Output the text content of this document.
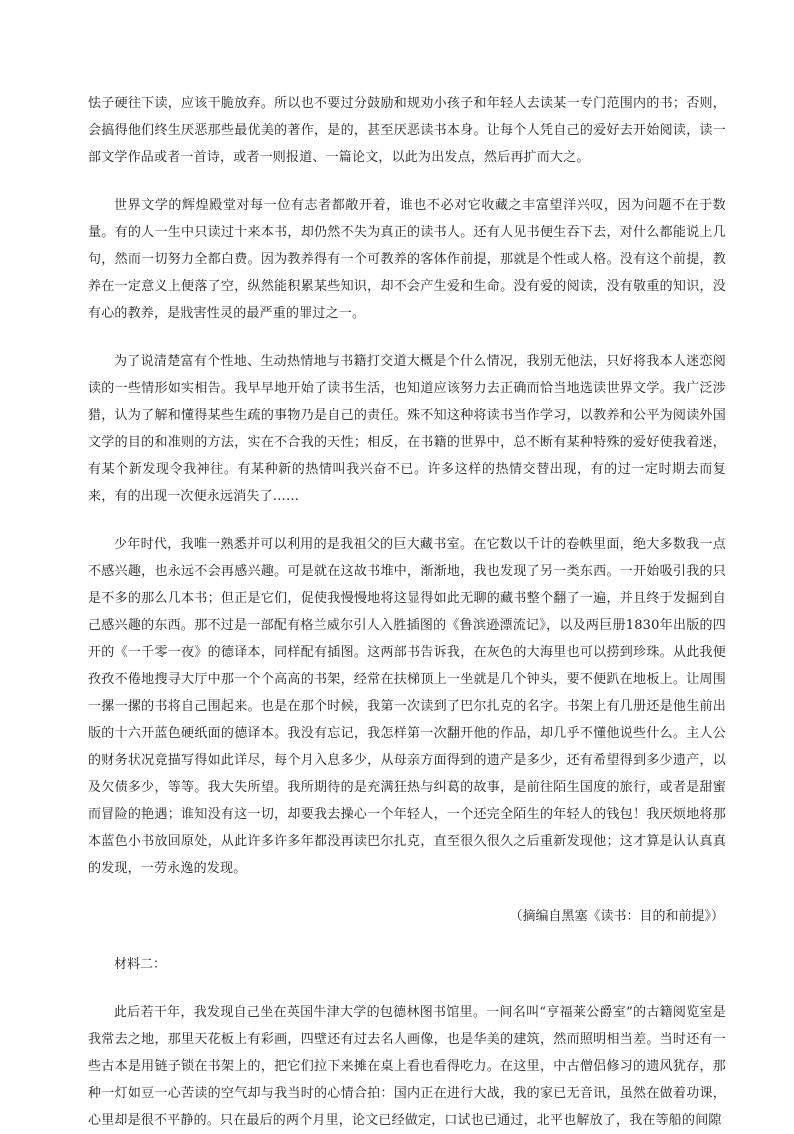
怯子硬往下读，应该干脆放弃。所以也不要过分鼓励和规劝小孩子和年轻人去读某一专门范围内的书；否则，会搞得他们终生厌恶那些最优美的著作，是的，甚至厌恶读书本身。让每个人凭自己的爱好去开始阅读，读一部文学作品或者一首诗，或者一则报道、一篇论文，以此为出发点，然后再扩而大之。

世界文学的辉煌殿堂对每一位有志者都敞开着，谁也不必对它收藏之丰富望洋兴叹，因为问题不在于数量。有的人一生中只读过十来本书，却仍然不失为真正的读书人。还有人见书便生吞下去，对什么都能说上几句，然而一切努力全都白费。因为教养得有一个可教养的客体作前提，那就是个性或人格。没有这个前提，教养在一定意义上便落了空，纵然能积累某些知识，却不会产生爱和生命。没有爱的阅读，没有敬重的知识，没有心的教养，是戕害性灵的最严重的罪过之一。

为了说清楚富有个性地、生动热情地与书籍打交道大概是个什么情况，我别无他法，只好将我本人迷恋阅读的一些情形如实相告。我早早地开始了读书生活，也知道应该努力去正确而恰当地选读世界文学。我广泛涉猎，认为了解和懂得某些生疏的事物乃是自己的责任。殊不知这种将读书当作学习，以教养和公平为阅读外国文学的目的和准则的方法，实在不合我的天性；相反，在书籍的世界中，总不断有某种特殊的爱好使我着迷，有某个新发现令我神往。有某种新的热情叫我兴奋不已。许多这样的热情交替出现，有的过一定时期去而复来，有的出现一次便永远消失了……

少年时代，我唯一熟悉并可以利用的是我祖父的巨大藏书室。在它数以千计的卷帙里面，绝大多数我一点不感兴趣，也永远不会再感兴趣。可是就在这故书堆中，渐渐地，我也发现了另一类东西。一开始吸引我的只是不多的那么几本书；但正是它们，促使我慢慢地将这显得如此无聊的藏书整个翻了一遍，并且终于发掘到自己感兴趣的东西。那不过是一部配有格兰威尔引人入胜插图的《鲁滨逊漂流记》，以及两巨册1830年出版的四开的《一千零一夜》的德译本，同样配有插图。这两部书告诉我，在灰色的大海里也可以捞到珍珠。从此我便孜孜不倦地搜寻大厅中那一个个高高的书架，经常在扶梯顶上一坐就是几个钟头，要不便趴在地板上。让周围一摞一摞的书将自己围起来。也是在那个时候，我第一次读到了巴尔扎克的名字。书架上有几册还是他生前出版的十六开蓝色硬纸面的德译本。我没有忘记，我怎样第一次翻开他的作品，却几乎不懂他说些什么。主人公的财务状况竟描写得如此详尽，每个月入息多少，从母亲方面得到的遗产是多少，还有希望得到多少遗产，以及欠债多少，等等。我大失所望。我所期待的是充满狂热与纠葛的故事，是前往陌生国度的旅行，或者是甜蜜而冒险的艳遇；谁知没有这一切，却要我去操心一个年轻人，一个还完全陌生的年轻人的钱包！我厌烦地将那本蓝色小书放回原处，从此许多许多年都没再读巴尔扎克，直至很久很久之后重新发现他；这才算是认认真真的发现，一劳永逸的发现。

（摘编自黑塞《读书：目的和前提》）

材料二：

此后若干年，我发现自己坐在英国牛津大学的包德林图书馆里。一间名叫“亨福莱公爵室”的古籍阅览室是我常去之地，那里天花板上有彩画，四壁还有过去名人画像，也是华美的建筑，然而照明相当差。当时还有一些古本是用链子锁在书架上的，把它们拉下来摊在桌上看也看得吃力。在这里，中古僧侣修习的遗风犹存，那种一灯如豆一心苦读的空气却与我当时的心情合拍：国内正在进行大战，我的家已无音讯，虽然在做着功课，心里却是很不平静的。只在最后的两个月里，论文已经做定，口试也已通过，北平也解放了，我在等船的间隙
